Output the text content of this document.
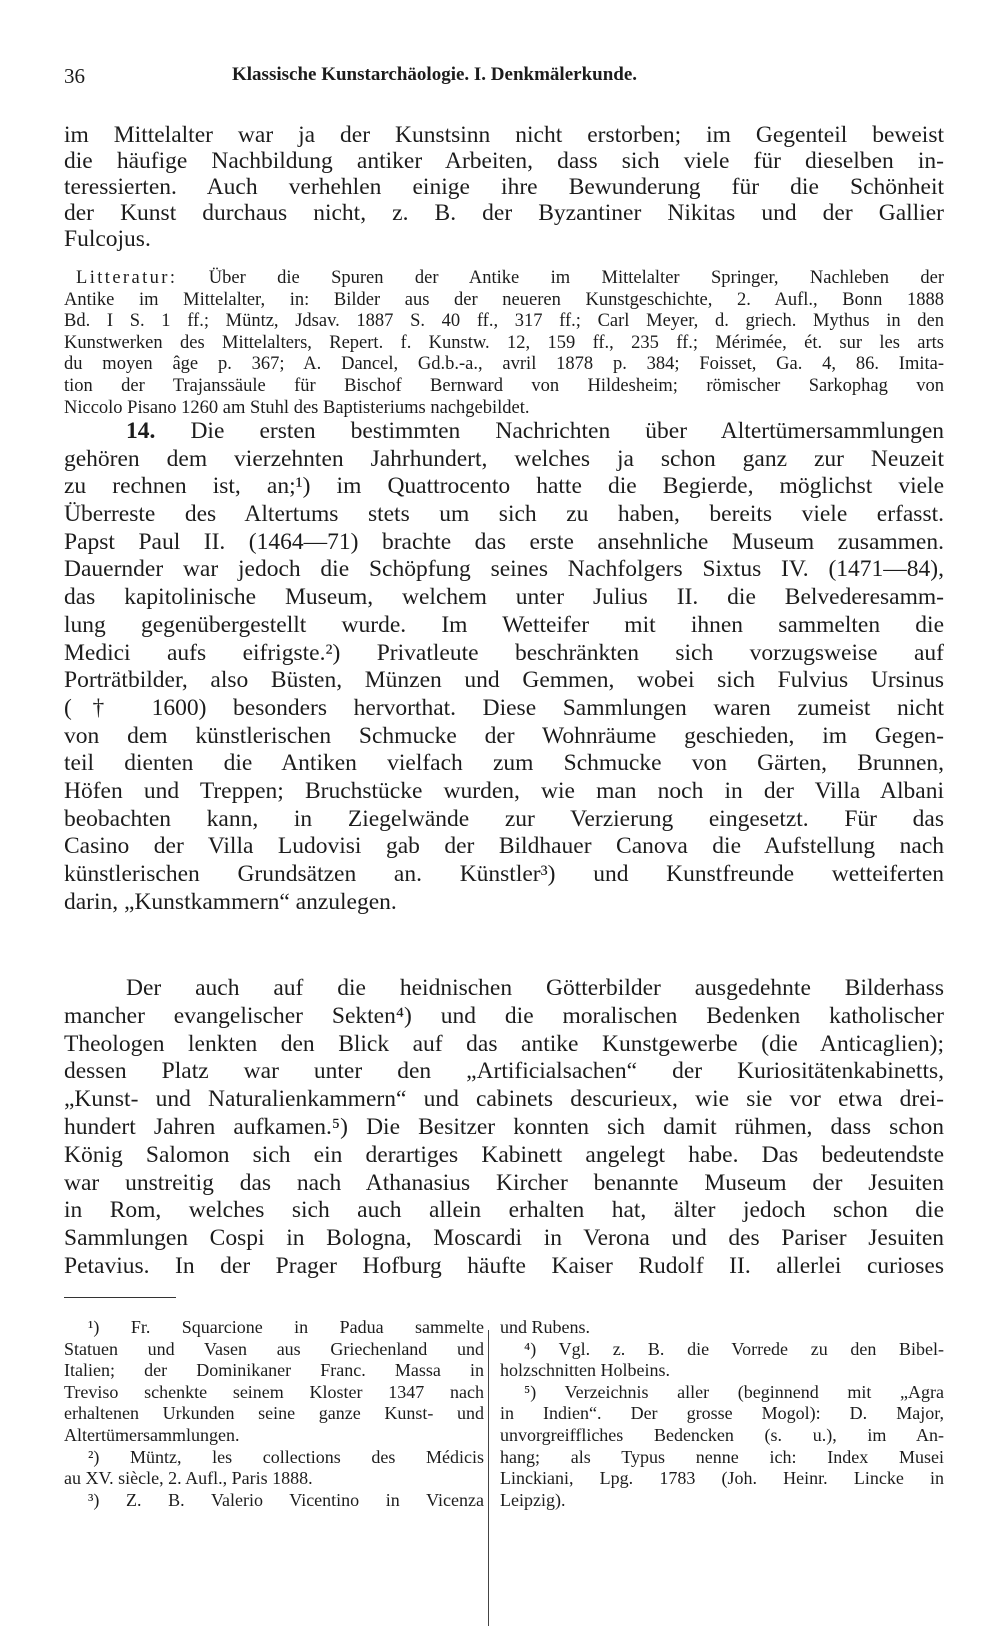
36	Klassische Kunstarchäologie. I. Denkmälerkunde.
im Mittelalter war ja der Kunstsinn nicht erstorben; im Gegenteil beweist
die häufige Nachbildung antiker Arbeiten, dass sich viele für dieselben in-
teressierten. Auch verhehlen einige ihre Bewunderung für die Schönheit
der Kunst durchaus nicht, z. B. der Byzantiner Nikitas und der Gallier
Fulcojus.
Litteratur: Über die Spuren der Antike im Mittelalter Springer, Nachleben der
Antike im Mittelalter, in: Bilder aus der neueren Kunstgeschichte, 2. Aufl., Bonn 1888
Bd. I S. 1 ff.; Müntz, Jdsav. 1887 S. 40 ff., 317 ff.; Carl Meyer, d. griech. Mythus in den
Kunstwerken des Mittelalters, Repert. f. Kunstw. 12, 159 ff., 235 ff.; Mérimée, ét. sur les arts
du moyen âge p. 367; A. Dancel, Gd.b.-a., avril 1878 p. 384; Foisset, Ga. 4, 86. Imita-
tion der Trajanssäule für Bischof Bernward von Hildesheim; römischer Sarkophag von
Niccolo Pisano 1260 am Stuhl des Baptisteriums nachgebildet.
14. Die ersten bestimmten Nachrichten über Altertümersammlungen
gehören dem vierzehnten Jahrhundert, welches ja schon ganz zur Neuzeit
zu rechnen ist, an;¹) im Quattrocento hatte die Begierde, möglichst viele
Überreste des Altertums stets um sich zu haben, bereits viele erfasst.
Papst Paul II. (1464—71) brachte das erste ansehnliche Museum zusammen.
Dauernder war jedoch die Schöpfung seines Nachfolgers Sixtus IV. (1471—84),
das kapitolinische Museum, welchem unter Julius II. die Belvederesamm-
lung gegenübergestellt wurde. Im Wetteifer mit ihnen sammelten die
Medici aufs eifrigste.²) Privatleute beschränkten sich vorzugsweise auf
Porträtbilder, also Büsten, Münzen und Gemmen, wobei sich Fulvius Ursinus
(† 1600) besonders hervorthat. Diese Sammlungen waren zumeist nicht
von dem künstlerischen Schmucke der Wohnräume geschieden, im Gegen-
teil dienten die Antiken vielfach zum Schmucke von Gärten, Brunnen,
Höfen und Treppen; Bruchstücke wurden, wie man noch in der Villa Albani
beobachten kann, in Ziegelwände zur Verzierung eingesetzt. Für das
Casino der Villa Ludovisi gab der Bildhauer Canova die Aufstellung nach
künstlerischen Grundsätzen an. Künstler³) und Kunstfreunde wetteiferten
darin, „Kunstkammern“ anzulegen.
Der auch auf die heidnischen Götterbilder ausgedehnte Bilderhass
mancher evangelischer Sekten⁴) und die moralischen Bedenken katholischer
Theologen lenkten den Blick auf das antike Kunstgewerbe (die Anticaglien);
dessen Platz war unter den „Artificialsachen“ der Kuriositätenkabinetts,
„Kunst- und Naturalienkammern“ und cabinets descurieux, wie sie vor etwa drei-
hundert Jahren aufkamen.⁵) Die Besitzer konnten sich damit rühmen, dass schon
König Salomon sich ein derartiges Kabinett angelegt habe. Das bedeutendste
war unstreitig das nach Athanasius Kircher benannte Museum der Jesuiten
in Rom, welches sich auch allein erhalten hat, älter jedoch schon die
Sammlungen Cospi in Bologna, Moscardi in Verona und des Pariser Jesuiten
Petavius. In der Prager Hofburg häufte Kaiser Rudolf II. allerlei curioses
¹) Fr. Squarcione in Padua sammelte
Statuen und Vasen aus Griechenland und
Italien; der Dominikaner Franc. Massa in
Treviso schenkte seinem Kloster 1347 nach
erhaltenen Urkunden seine ganze Kunst- und
Altertümersammlungen.
²) Müntz, les collections des Médicis
au XV. siècle, 2. Aufl., Paris 1888.
³) Z. B. Valerio Vicentino in Vicenza
und Rubens.
⁴) Vgl. z. B. die Vorrede zu den Bibel-
holzschnitten Holbeins.
⁵) Verzeichnis aller (beginnend mit „Agra
in Indien“. Der grosse Mogol): D. Major,
unvorgreiffliches Bedencken (s. u.), im An-
hang; als Typus nenne ich: Index Musei
Linckiani, Lpg. 1783 (Joh. Heinr. Lincke in
Leipzig).
